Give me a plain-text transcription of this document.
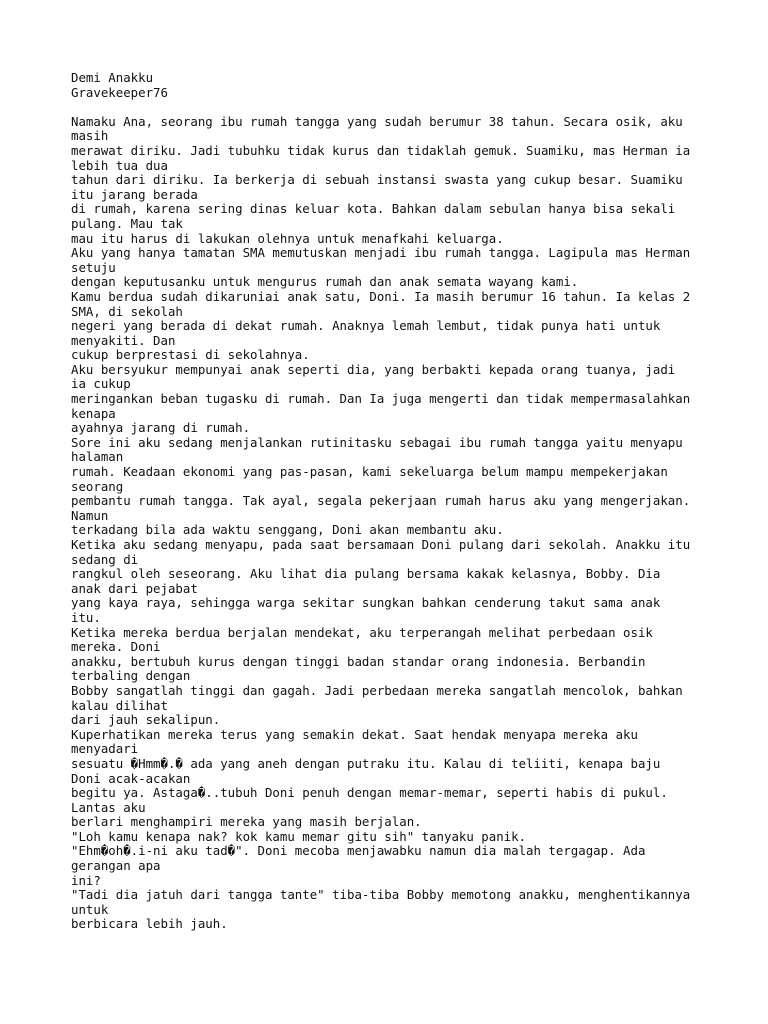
Demi Anakku
Gravekeeper76
Namaku Ana, seorang ibu rumah tangga yang sudah berumur 38 tahun. Secara osik, aku
masih
merawat diriku. Jadi tubuhku tidak kurus dan tidaklah gemuk. Suamiku, mas Herman ia
lebih tua dua
tahun dari diriku. Ia berkerja di sebuah instansi swasta yang cukup besar. Suamiku
itu jarang berada
di rumah, karena sering dinas keluar kota. Bahkan dalam sebulan hanya bisa sekali
pulang. Mau tak
mau itu harus di lakukan olehnya untuk menafkahi keluarga.
Aku yang hanya tamatan SMA memutuskan menjadi ibu rumah tangga. Lagipula mas Herman
setuju
dengan keputusanku untuk mengurus rumah dan anak semata wayang kami.
Kamu berdua sudah dikaruniai anak satu, Doni. Ia masih berumur 16 tahun. Ia kelas 2
SMA, di sekolah
negeri yang berada di dekat rumah. Anaknya lemah lembut, tidak punya hati untuk
menyakiti. Dan
cukup berprestasi di sekolahnya.
Aku bersyukur mempunyai anak seperti dia, yang berbakti kepada orang tuanya, jadi
ia cukup
meringankan beban tugasku di rumah. Dan Ia juga mengerti dan tidak mempermasalahkan
kenapa
ayahnya jarang di rumah.
Sore ini aku sedang menjalankan rutinitasku sebagai ibu rumah tangga yaitu menyapu
halaman
rumah. Keadaan ekonomi yang pas-pasan, kami sekeluarga belum mampu mempekerjakan
seorang
pembantu rumah tangga. Tak ayal, segala pekerjaan rumah harus aku yang mengerjakan.
Namun
terkadang bila ada waktu senggang, Doni akan membantu aku.
Ketika aku sedang menyapu, pada saat bersamaan Doni pulang dari sekolah. Anakku itu
sedang di
rangkul oleh seseorang. Aku lihat dia pulang bersama kakak kelasnya, Bobby. Dia
anak dari pejabat
yang kaya raya, sehingga warga sekitar sungkan bahkan cenderung takut sama anak
itu.
Ketika mereka berdua berjalan mendekat, aku terperangah melihat perbedaan osik
mereka. Doni
anakku, bertubuh kurus dengan tinggi badan standar orang indonesia. Berbandin
terbaling dengan
Bobby sangatlah tinggi dan gagah. Jadi perbedaan mereka sangatlah mencolok, bahkan
kalau dilihat
dari jauh sekalipun.
Kuperhatikan mereka terus yang semakin dekat. Saat hendak menyapa mereka aku
menyadari
sesuatu �Hmm�.� ada yang aneh dengan putraku itu. Kalau di teliiti, kenapa baju
Doni acak-acakan
begitu ya. Astaga�..tubuh Doni penuh dengan memar-memar, seperti habis di pukul.
Lantas aku
berlari menghampiri mereka yang masih berjalan.
"Loh kamu kenapa nak? kok kamu memar gitu sih" tanyaku panik.
"Ehm�oh�.i-ni aku tad�". Doni mecoba menjawabku namun dia malah tergagap. Ada
gerangan apa
ini?
"Tadi dia jatuh dari tangga tante" tiba-tiba Bobby memotong anakku, menghentikannya
untuk
berbicara lebih jauh.
